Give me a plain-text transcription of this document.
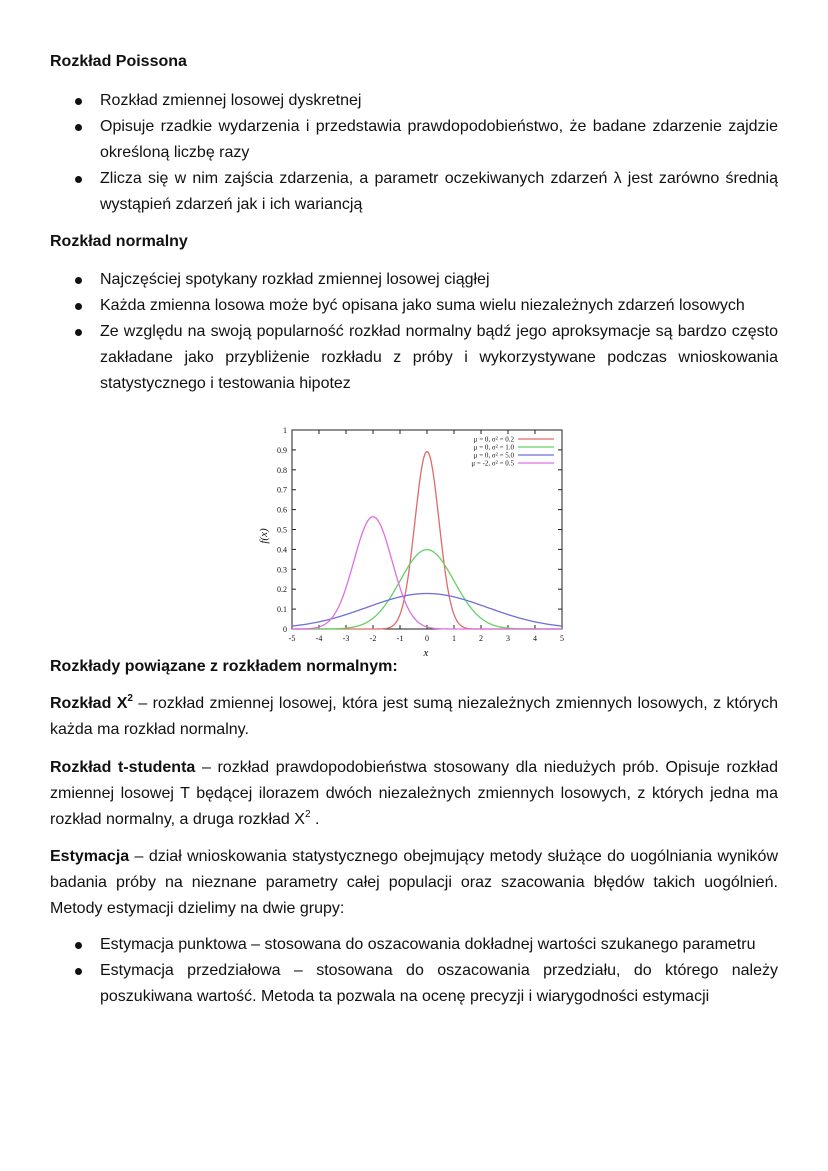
Rozkład Poissona
Rozkład zmiennej losowej dyskretnej
Opisuje rzadkie wydarzenia i przedstawia prawdopodobieństwo, że badane zdarzenie zajdzie określoną liczbę razy
Zlicza się w nim zajścia zdarzenia, a parametr oczekiwanych zdarzeń λ jest zarówno średnią wystąpień zdarzeń jak i ich wariancją
Rozkład normalny
Najczęściej spotykany rozkład zmiennej losowej ciągłej
Każda zmienna losowa może być opisana jako suma wielu niezależnych zdarzeń losowych
Ze względu na swoją popularność rozkład normalny bądź jego aproksymacje są bardzo często zakładane jako przybliżenie rozkładu z próby i wykorzystywane podczas wnioskowania statystycznego i testowania hipotez
-5	-4	-3	-2	-1	0	1	2	3	4	5
0
0.1
0.2
0.3
0.4
0.5
0.6
0.7
0.8
0.9
1
μ = 0, σ² = 0.2
μ = 0, σ² = 1.0
μ = 0, σ² = 5.0
μ = -2, σ² = 0.5
f(x)
x
Rozkłady powiązane z rozkładem normalnym:

Rozkład $X^2$ – rozkład zmiennej losowej, która jest sumą niezależnych zmiennych losowych, z których każda ma rozkład normalny.

Rozkład t-studenta – rozkład prawdopodobieństwa stosowany dla niedużych prób. Opisuje rozkład zmiennej losowej T będącej ilorazem dwóch niezależnych zmiennych losowych, z których jedna ma rozkład normalny, a druga rozkład $X^2$ .

Estymacja – dział wnioskowania statystycznego obejmujący metody służące do uogólniania wyników badania próby na nieznane parametry całej populacji oraz szacowania błędów takich uogólnień. Metody estymacji dzielimy na dwie grupy:

Estymacja punktowa – stosowana do oszacowania dokładnej wartości szukanego parametru
Estymacja przedziałowa – stosowana do oszacowania przedziału, do którego należy poszukiwana wartość. Metoda ta pozwala na ocenę precyzji i wiarygodności estymacji
